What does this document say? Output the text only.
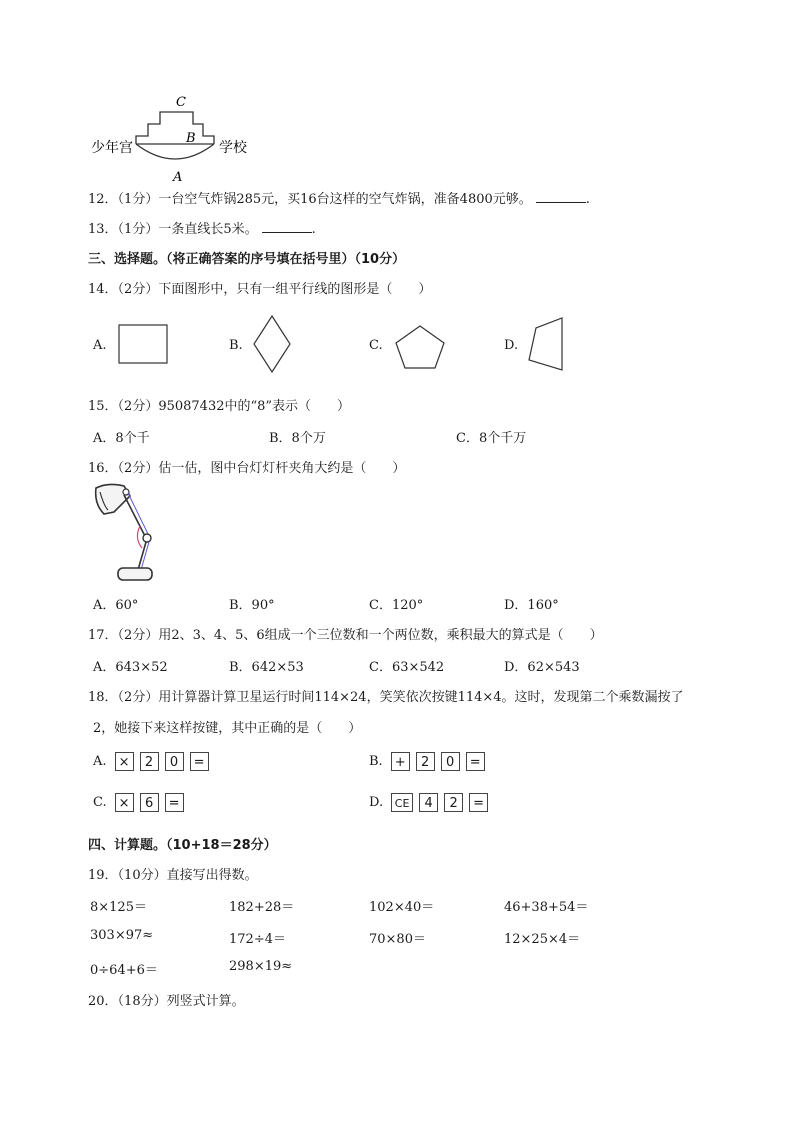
少年宫	学校
C
B
A
12．（1分）一台空气炸锅285元，买16台这样的空气炸锅，准备4800元够。	.
13．（1分）一条直线长5米。	.
三、选择题。（将正确答案的序号填在括号里）（10分）
14．（2分）下面图形中，只有一组平行线的图形是（　　）
A.	B.	C.	D.
15．（2分）95087432中的“8”表示（　　）
A．8个千	B．8个万	C．8个千万
16．（2分）估一估，图中台灯灯杆夹角大约是（　　）
A．60°	B．90°	C．120°	D．160°
17．（2分）用2、3、4、5、6组成一个三位数和一个两位数，乘积最大的算式是（　　）
A．643×52	B．642×53	C．63×542	D．62×543
18．（2分）用计算器计算卫星运行时间114×24，笑笑依次按键114×4。这时，发现第二个乘数漏按了
2，她接下来这样按键，其中正确的是（　　）
A. × 2 0 =	B. + 2 0 =
C. × 6 =	D. CE 4 2 =
四、计算题。（10+18＝28分）
19．（10分）直接写出得数。
8×125＝	182+28＝	102×40＝	46+38+54＝
303×97≈	172÷4＝	70×80＝	12×25×4＝
0÷64+6＝	298×19≈
20．（18分）列竖式计算。
